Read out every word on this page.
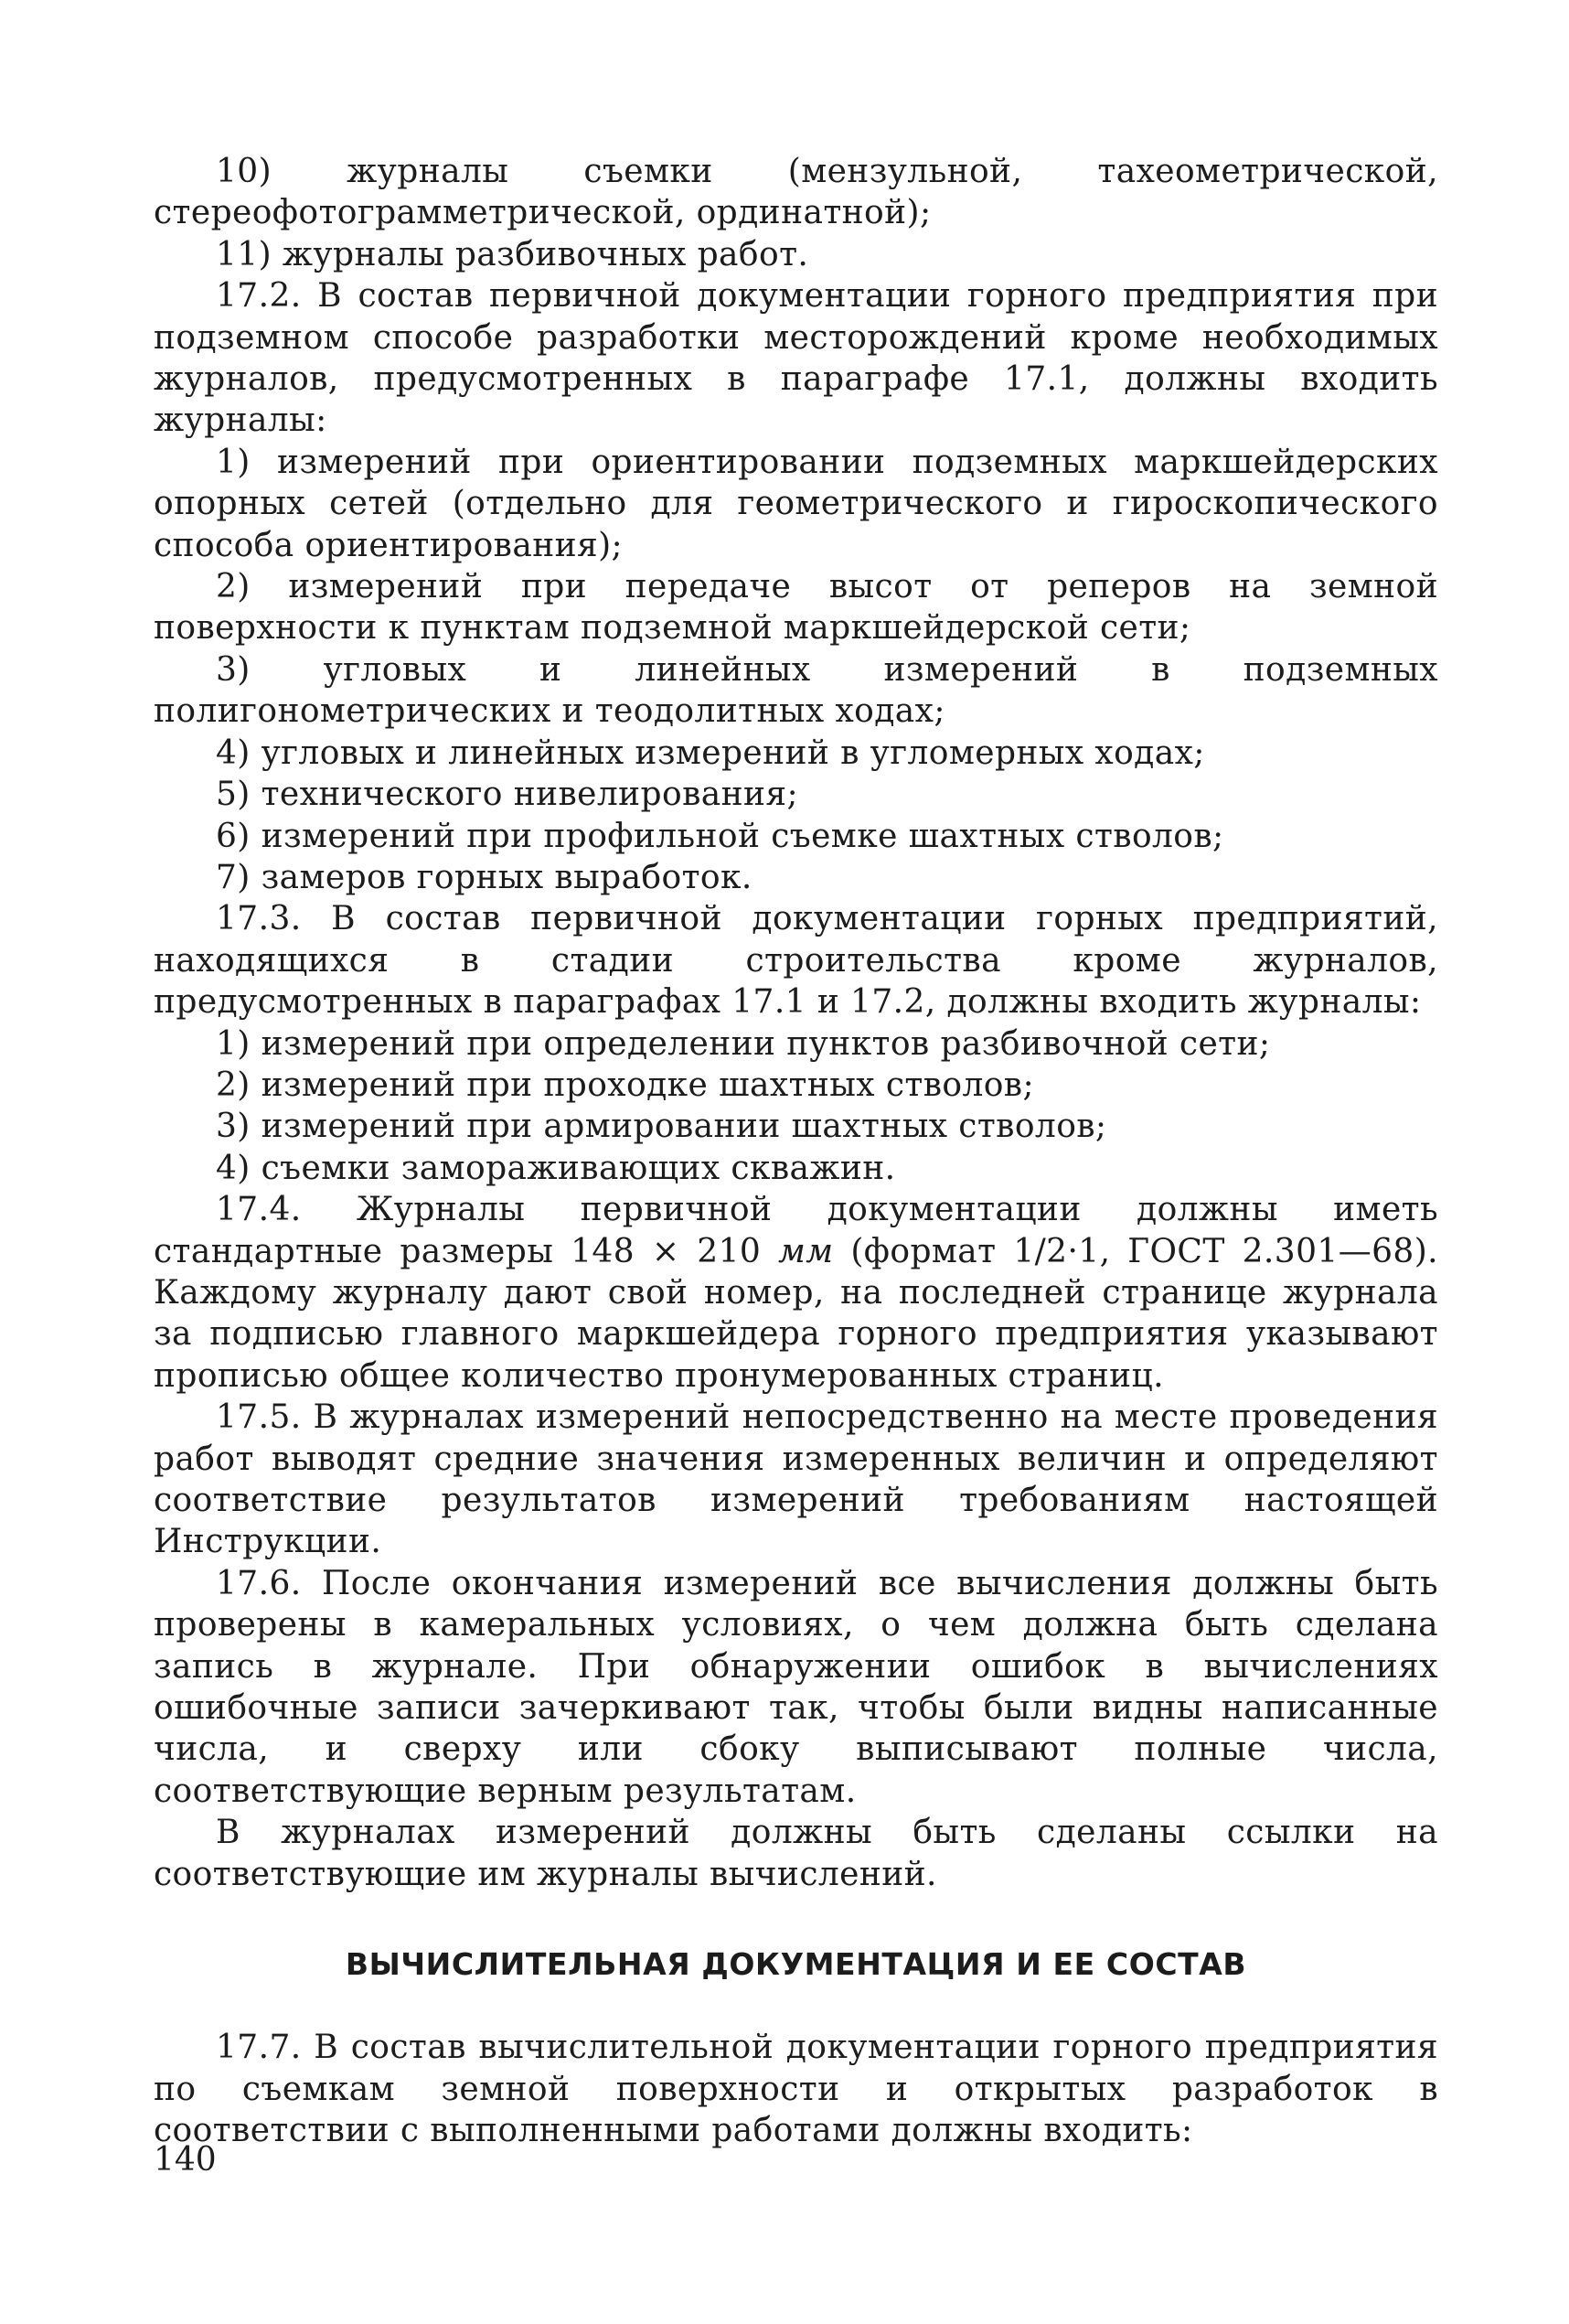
10) журналы съемки (мензульной, тахеометрической, стереофотограмметрической, ординатной);

11) журналы разбивочных работ.

17.2. В состав первичной документации горного предприятия при подземном способе разработки месторождений кроме необходимых журналов, предусмотренных в параграфе 17.1, должны входить журналы:

1) измерений при ориентировании подземных маркшейдерских опорных сетей (отдельно для геометрического и гироскопического способа ориентирования);

2) измерений при передаче высот от реперов на земной поверхности к пунктам подземной маркшейдерской сети;

3) угловых и линейных измерений в подземных полигонометрических и теодолитных ходах;

4) угловых и линейных измерений в угломерных ходах;

5) технического нивелирования;

6) измерений при профильной съемке шахтных стволов;

7) замеров горных выработок.

17.3. В состав первичной документации горных предприятий, находящихся в стадии строительства кроме журналов, предусмотренных в параграфах 17.1 и 17.2, должны входить журналы:

1) измерений при определении пунктов разбивочной сети;

2) измерений при проходке шахтных стволов;

3) измерений при армировании шахтных стволов;

4) съемки замораживающих скважин.

17.4. Журналы первичной документации должны иметь стандартные размеры 148 × 210 мм (формат 1/2·1, ГОСТ 2.301—68). Каждому журналу дают свой номер, на последней странице журнала за подписью главного маркшейдера горного предприятия указывают прописью общее количество пронумерованных страниц.

17.5. В журналах измерений непосредственно на месте проведения работ выводят средние значения измеренных величин и определяют соответствие результатов измерений требованиям настоящей Инструкции.

17.6. После окончания измерений все вычисления должны быть проверены в камеральных условиях, о чем должна быть сделана запись в журнале. При обнаружении ошибок в вычислениях ошибочные записи зачеркивают так, чтобы были видны написанные числа, и сверху или сбоку выписывают полные числа, соответствующие верным результатам.

В журналах измерений должны быть сделаны ссылки на соответствующие им журналы вычислений.

ВЫЧИСЛИТЕЛЬНАЯ ДОКУМЕНТАЦИЯ И ЕЕ СОСТАВ

17.7. В состав вычислительной документации горного предприятия по съемкам земной поверхности и открытых разработок в соответствии с выполненными работами должны входить:

140
